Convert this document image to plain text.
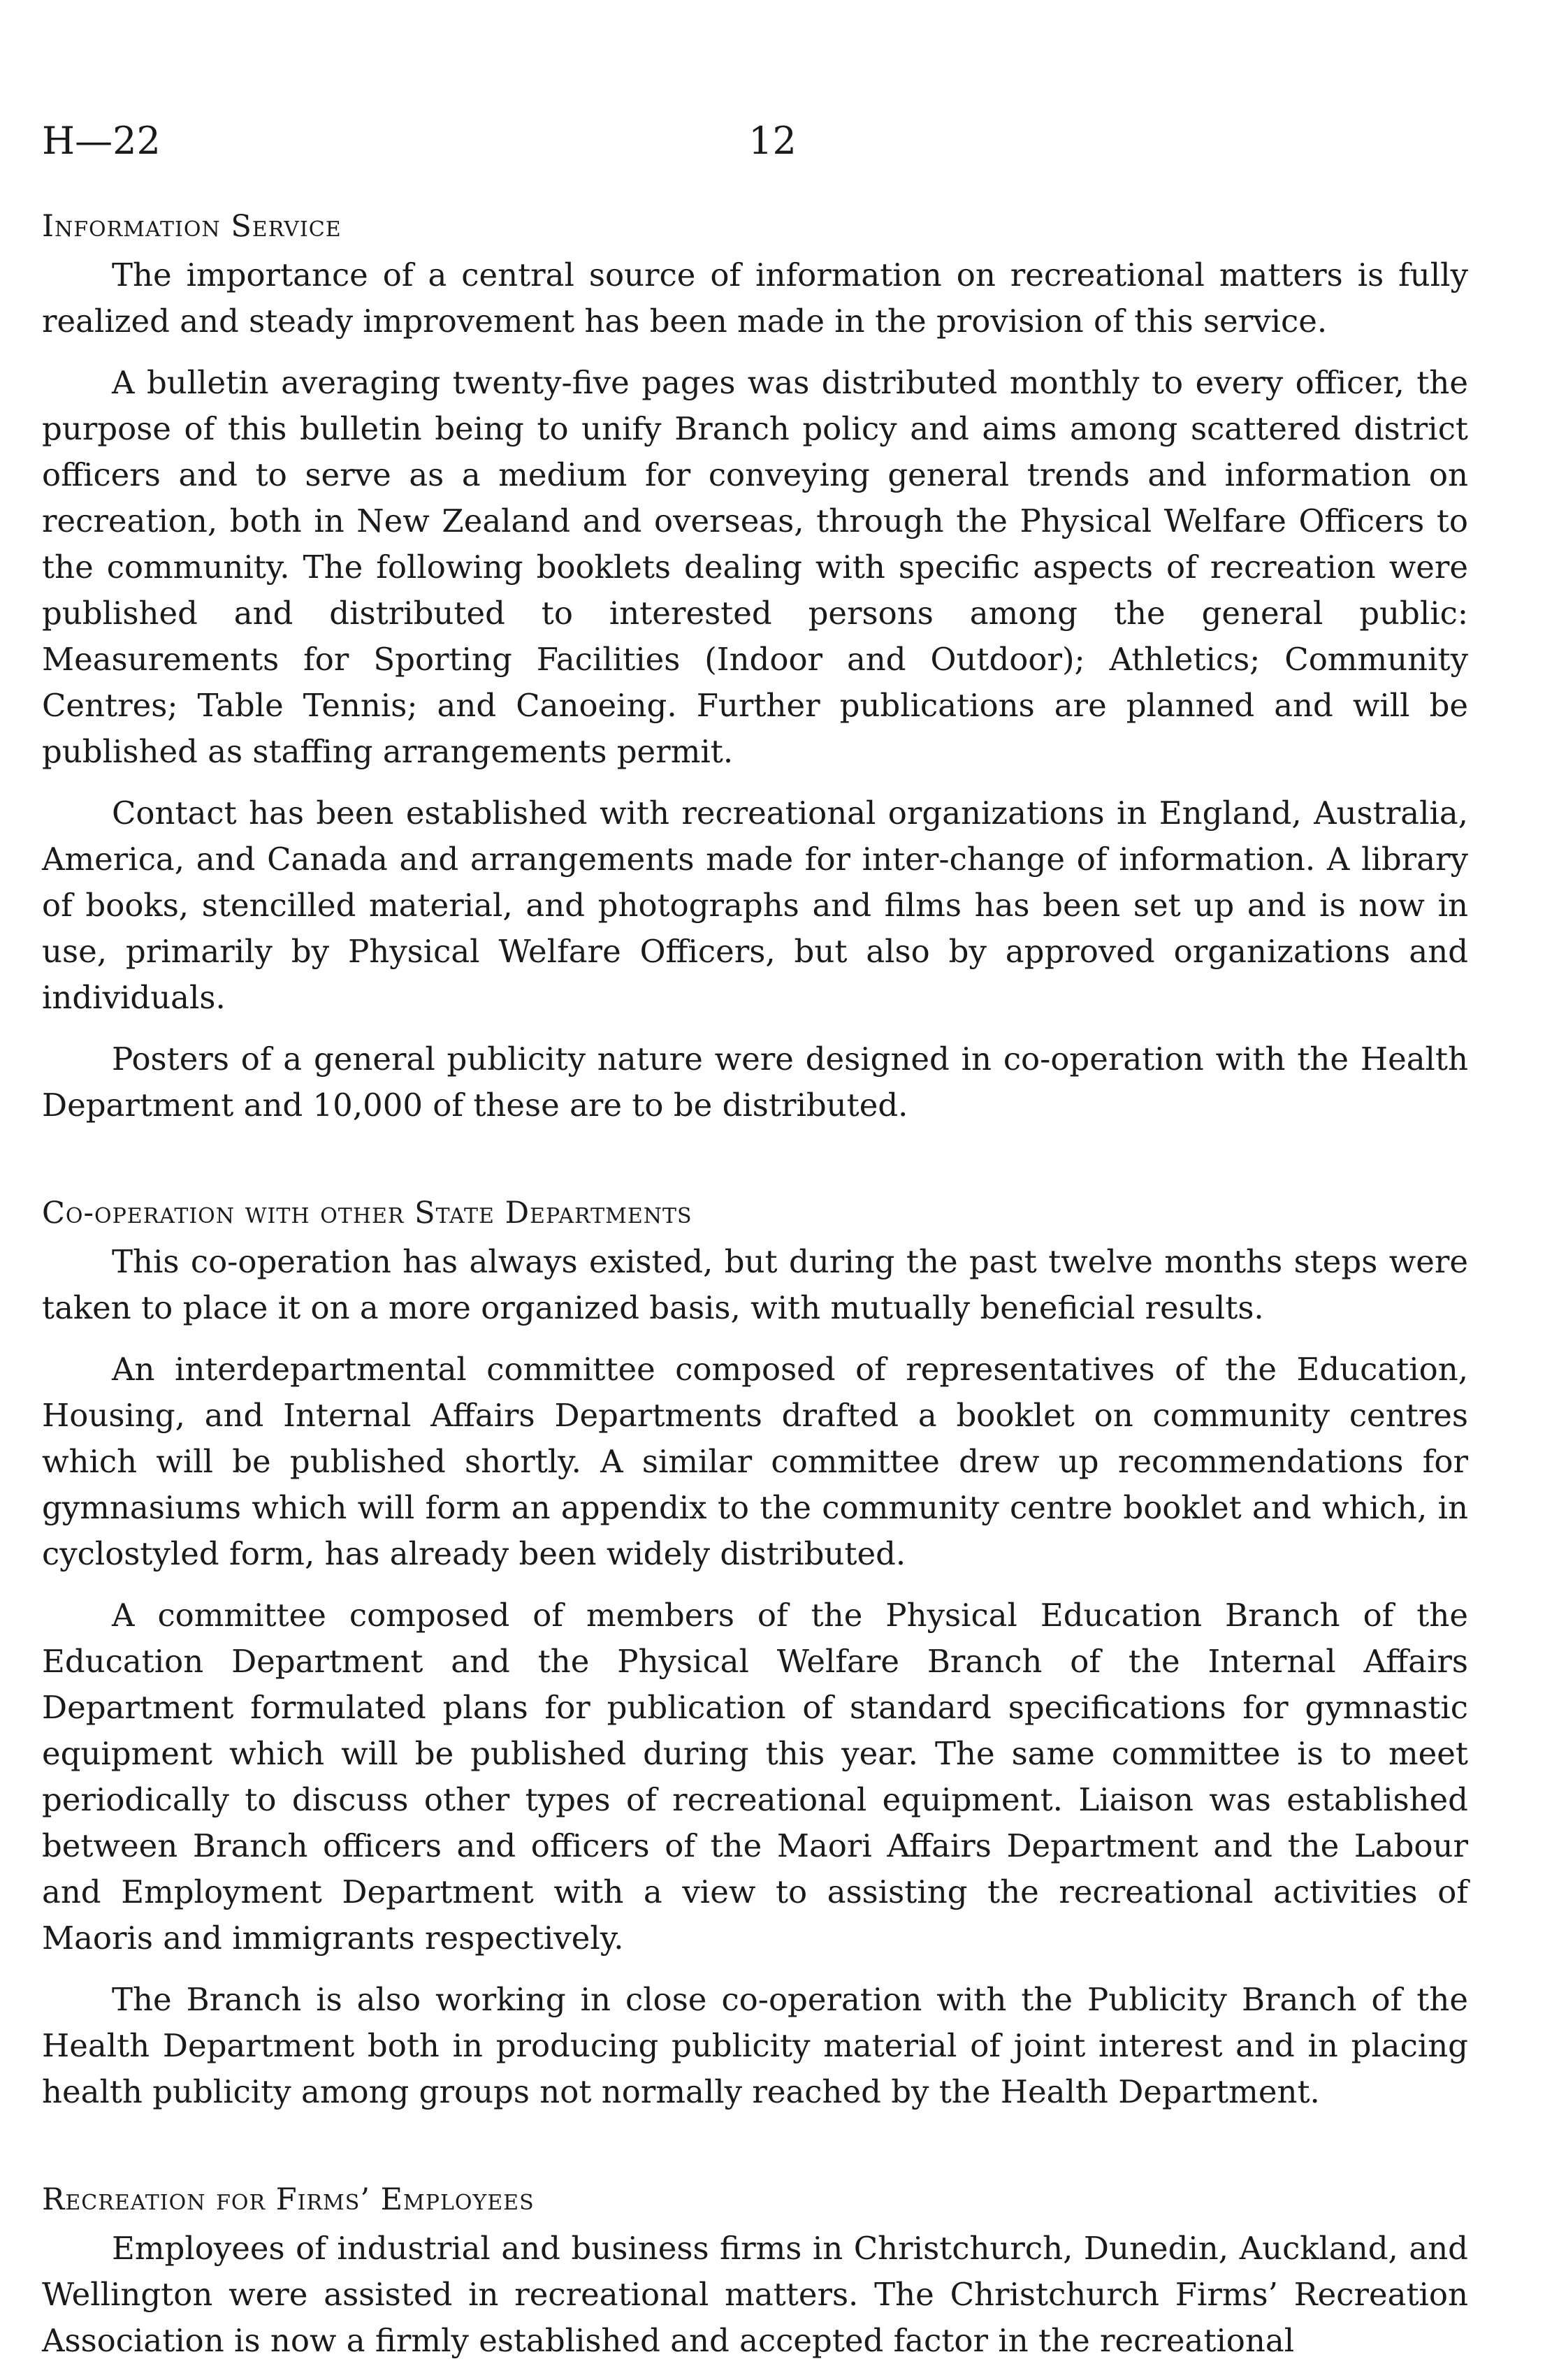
H—22	12
Information Service

The importance of a central source of information on recreational matters is fully realized and steady improvement has been made in the provision of this service.

A bulletin averaging twenty-five pages was distributed monthly to every officer, the purpose of this bulletin being to unify Branch policy and aims among scattered district officers and to serve as a medium for conveying general trends and information on recreation, both in New Zealand and overseas, through the Physical Welfare Officers to the community. The following booklets dealing with specific aspects of recreation were published and distributed to interested persons among the general public: Measurements for Sporting Facilities (Indoor and Outdoor); Athletics; Community Centres; Table Tennis; and Canoeing. Further publications are planned and will be published as staffing arrangements permit.

Contact has been established with recreational organizations in England, Australia, America, and Canada and arrangements made for inter-change of information. A library of books, stencilled material, and photographs and films has been set up and is now in use, primarily by Physical Welfare Officers, but also by approved organizations and individuals.

Posters of a general publicity nature were designed in co-operation with the Health Department and 10,000 of these are to be distributed.

Co-operation with other State Departments

This co-operation has always existed, but during the past twelve months steps were taken to place it on a more organized basis, with mutually beneficial results.

An interdepartmental committee composed of representatives of the Education, Housing, and Internal Affairs Departments drafted a booklet on community centres which will be published shortly. A similar committee drew up recommendations for gymnasiums which will form an appendix to the community centre booklet and which, in cyclostyled form, has already been widely distributed.

A committee composed of members of the Physical Education Branch of the Education Department and the Physical Welfare Branch of the Internal Affairs Department formulated plans for publication of standard specifications for gymnastic equipment which will be published during this year. The same committee is to meet periodically to discuss other types of recreational equipment. Liaison was established between Branch officers and officers of the Maori Affairs Department and the Labour and Employment Department with a view to assisting the recreational activities of Maoris and immigrants respectively.

The Branch is also working in close co-operation with the Publicity Branch of the Health Department both in producing publicity material of joint interest and in placing health publicity among groups not normally reached by the Health Department.

Recreation for Firms’ Employees

Employees of industrial and business firms in Christchurch, Dunedin, Auckland, and Wellington were assisted in recreational matters. The Christchurch Firms’ Recreation Association is now a firmly established and accepted factor in the recreational
